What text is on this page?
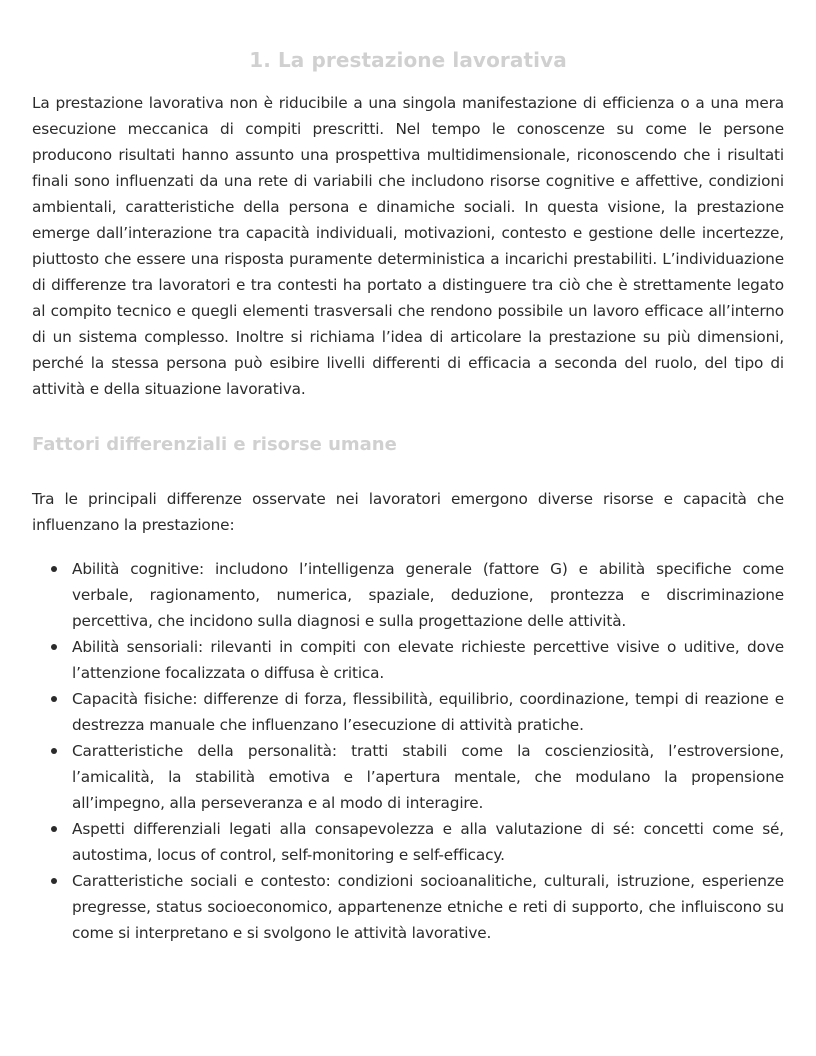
1. La prestazione lavorativa

La prestazione lavorativa non è riducibile a una singola manifestazione di efficienza o a una mera esecuzione meccanica di compiti prescritti. Nel tempo le conoscenze su come le persone producono risultati hanno assunto una prospettiva multidimensionale, riconoscendo che i risultati finali sono influenzati da una rete di variabili che includono risorse cognitive e affettive, condizioni ambientali, caratteristiche della persona e dinamiche sociali. In questa visione, la prestazione emerge dall’interazione tra capacità individuali, motivazioni, contesto e gestione delle incertezze, piuttosto che essere una risposta puramente deterministica a incarichi prestabiliti. L’individuazione di differenze tra lavoratori e tra contesti ha portato a distinguere tra ciò che è strettamente legato al compito tecnico e quegli elementi trasversali che rendono possibile un lavoro efficace all’interno di un sistema complesso. Inoltre si richiama l’idea di articolare la prestazione su più dimensioni, perché la stessa persona può esibire livelli differenti di efficacia a seconda del ruolo, del tipo di attività e della situazione lavorativa.

Fattori differenziali e risorse umane

Tra le principali differenze osservate nei lavoratori emergono diverse risorse e capacità che influenzano la prestazione:

Abilità cognitive: includono l’intelligenza generale (fattore G) e abilità specifiche come verbale, ragionamento, numerica, spaziale, deduzione, prontezza e discriminazione percettiva, che incidono sulla diagnosi e sulla progettazione delle attività.
Abilità sensoriali: rilevanti in compiti con elevate richieste percettive visive o uditive, dove l’attenzione focalizzata o diffusa è critica.
Capacità fisiche: differenze di forza, flessibilità, equilibrio, coordinazione, tempi di reazione e destrezza manuale che influenzano l’esecuzione di attività pratiche.
Caratteristiche della personalità: tratti stabili come la coscienziosità, l’estroversione, l’amicalità, la stabilità emotiva e l’apertura mentale, che modulano la propensione all’impegno, alla perseveranza e al modo di interagire.
Aspetti differenziali legati alla consapevolezza e alla valutazione di sé: concetti come sé, autostima, locus of control, self-monitoring e self-efficacy.
Caratteristiche sociali e contesto: condizioni socioanalitiche, culturali, istruzione, esperienze pregresse, status socioeconomico, appartenenze etniche e reti di supporto, che influiscono su come si interpretano e si svolgono le attività lavorative.
